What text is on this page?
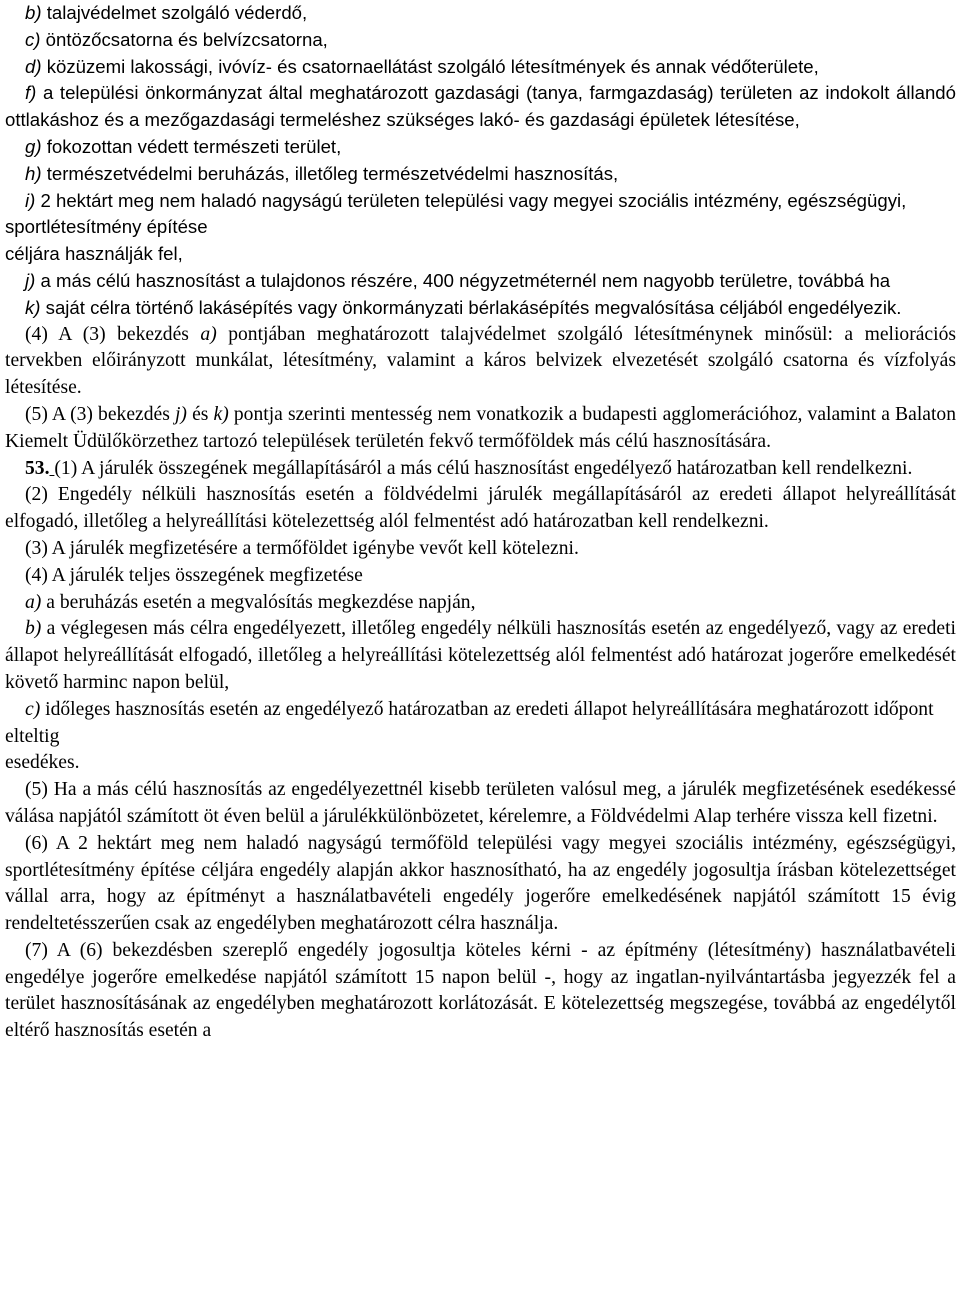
b) talajvédelmet szolgáló véderdő,

c) öntözőcsatorna és belvízcsatorna,

d) közüzemi lakossági, ivóvíz- és csatornaellátást szolgáló létesítmények és annak védőterülete,

f) a települési önkormányzat által meghatározott gazdasági (tanya, farmgazdaság) területen az indokolt állandó ottlakáshoz és a mezőgazdasági termeléshez szükséges lakó- és gazdasági épületek létesítése,

g) fokozottan védett természeti terület,

h) természetvédelmi beruházás, illetőleg természetvédelmi hasznosítás,

i) 2 hektárt meg nem haladó nagyságú területen települési vagy megyei szociális intézmény, egészségügyi, sportlétesítmény építése

céljára használják fel,

j) a más célú hasznosítást a tulajdonos részére, 400 négyzetméternél nem nagyobb területre, továbbá ha

k) saját célra történő lakásépítés vagy önkormányzati bérlakásépítés megvalósítása céljából engedélyezik.

(4) A (3) bekezdés a) pontjában meghatározott talajvédelmet szolgáló létesítménynek minősül: a meliorációs tervekben előirányzott munkálat, létesítmény, valamint a káros belvizek elvezetését szolgáló csatorna és vízfolyás létesítése.

(5) A (3) bekezdés j) és k) pontja szerinti mentesség nem vonatkozik a budapesti agglomerációhoz, valamint a Balaton Kiemelt Üdülőkörzethez tartozó települések területén fekvő termőföldek más célú hasznosítására.

53. (1) A járulék összegének megállapításáról a más célú hasznosítást engedélyező határozatban kell rendelkezni.

(2) Engedély nélküli hasznosítás esetén a földvédelmi járulék megállapításáról az eredeti állapot helyreállítását elfogadó, illetőleg a helyreállítási kötelezettség alól felmentést adó határozatban kell rendelkezni.

(3) A járulék megfizetésére a termőföldet igénybe vevőt kell kötelezni.

(4) A járulék teljes összegének megfizetése

a) a beruházás esetén a megvalósítás megkezdése napján,

b) a véglegesen más célra engedélyezett, illetőleg engedély nélküli hasznosítás esetén az engedélyező, vagy az eredeti állapot helyreállítását elfogadó, illetőleg a helyreállítási kötelezettség alól felmentést adó határozat jogerőre emelkedését követő harminc napon belül,

c) időleges hasznosítás esetén az engedélyező határozatban az eredeti állapot helyreállítására meghatározott időpont elteltig

esedékes.

(5) Ha a más célú hasznosítás az engedélyezettnél kisebb területen valósul meg, a járulék megfizetésének esedékessé válása napjától számított öt éven belül a járulékkülönbözetet, kérelemre, a Földvédelmi Alap terhére vissza kell fizetni.

(6) A 2 hektárt meg nem haladó nagyságú termőföld települési vagy megyei szociális intézmény, egészségügyi, sportlétesítmény építése céljára engedély alapján akkor hasznosítható, ha az engedély jogosultja írásban kötelezettséget vállal arra, hogy az építményt a használatbavételi engedély jogerőre emelkedésének napjától számított 15 évig rendeltetésszerűen csak az engedélyben meghatározott célra használja.

(7) A (6) bekezdésben szereplő engedély jogosultja köteles kérni - az építmény (létesítmény) használatbavételi engedélye jogerőre emelkedése napjától számított 15 napon belül -, hogy az ingatlan-nyilvántartásba jegyezzék fel a terület hasznosításának az engedélyben meghatározott korlátozását. E kötelezettség megszegése, továbbá az engedélytől eltérő hasznosítás esetén a
